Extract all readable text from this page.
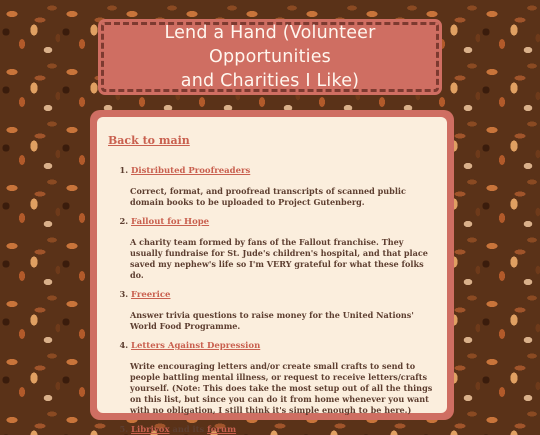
Lend a Hand (Volunteer Opportunities
and Charities I Like)
Back to main
1. Distributed Proofreaders
Correct, format, and proofread transcripts of scanned public domain books to be uploaded to Project Gutenberg.
2. Fallout for Hope
A charity team formed by fans of the Fallout franchise. They usually fundraise for St. Jude's children's hospital, and that place saved my nephew's life so I'm VERY grateful for what these folks do.
3. Freerice
Answer trivia questions to raise money for the United Nations' World Food Programme.
4. Letters Against Depression
Write encouraging letters and/or create small crafts to send to people battling mental illness, or request to receive letters/crafts yourself. (Note: This does take the most setup out of all the things on this list, but since you can do it from home whenever you want with no obligation, I still think it's simple enough to be here.)
5. Librivox and its forum
